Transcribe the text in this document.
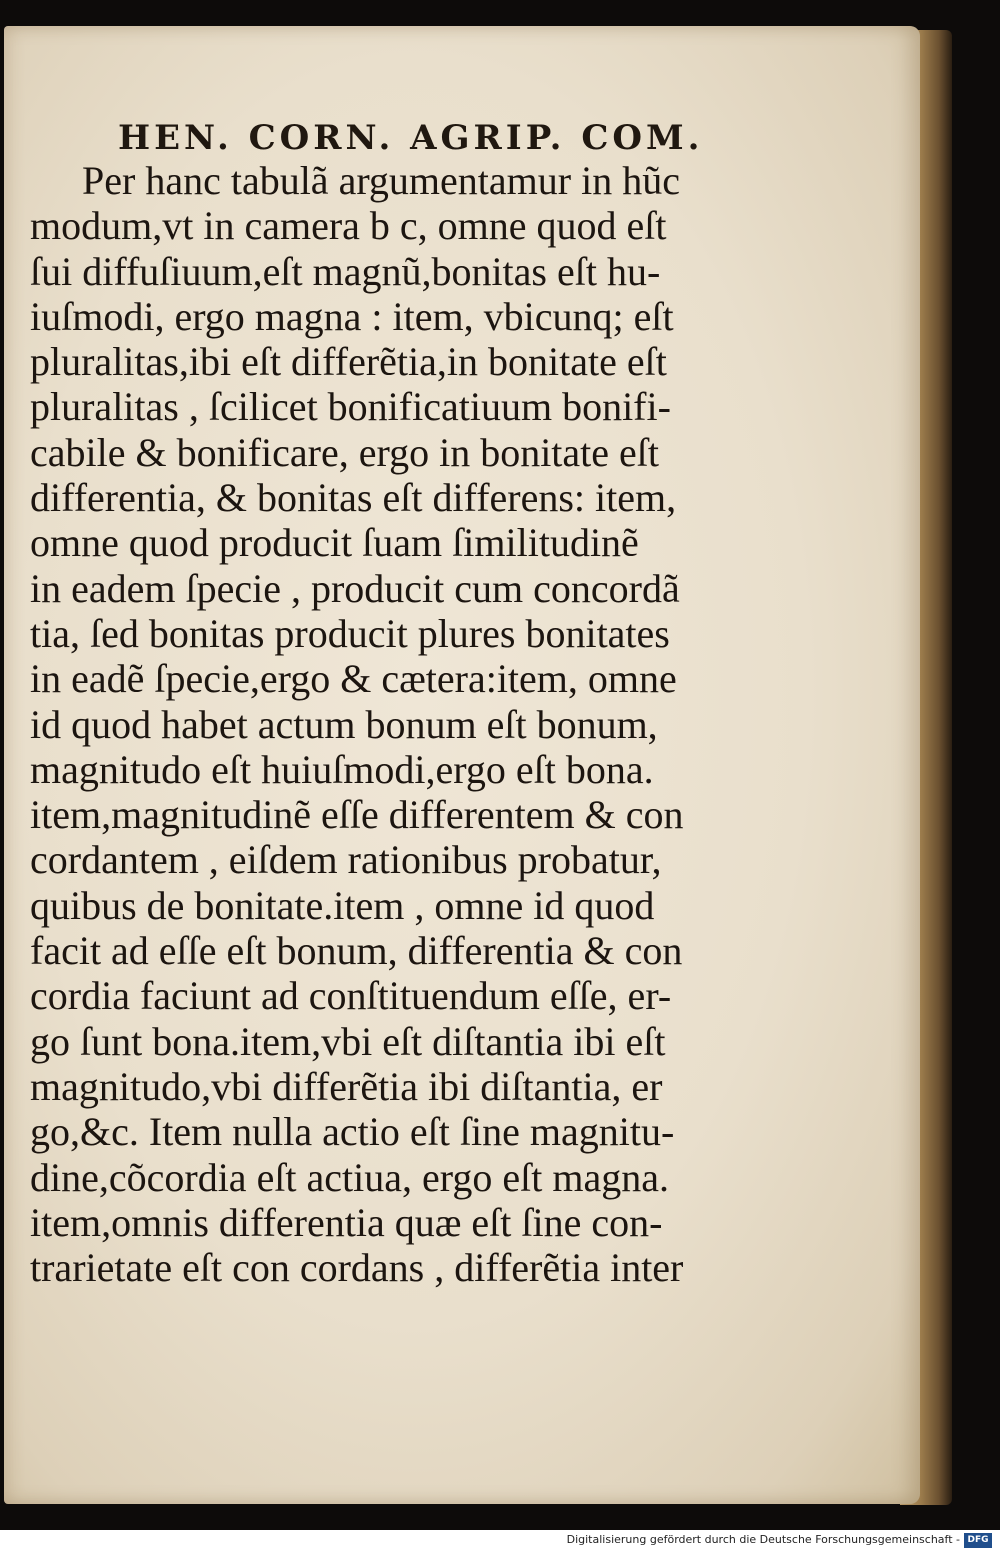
HEN. CORN. AGRIP. COM.
Per hanc tabulã argumentamur in hũc
modum,vt in camera b c, omne quod eſt
ſui diffuſiuum,eſt magnũ,bonitas eſt hu-
iuſmodi, ergo magna : item, vbicunq; eſt
pluralitas,ibi eſt differẽtia,in bonitate eſt
pluralitas , ſcilicet bonificatiuum bonifi-
cabile & bonificare, ergo in bonitate eſt
differentia, & bonitas eſt differens: item,
omne quod producit ſuam ſimilitudinẽ
in eadem ſpecie , producit cum concordã
tia, ſed bonitas producit plures bonitates
in eadẽ ſpecie,ergo & cætera:item, omne
id quod habet actum bonum eſt bonum,
magnitudo eſt huiuſmodi,ergo eſt bona.
item,magnitudinẽ eſſe differentem & con
cordantem , eiſdem rationibus probatur,
quibus de bonitate.item , omne id quod
facit ad eſſe eſt bonum, differentia & con
cordia faciunt ad conſtituendum eſſe, er-
go ſunt bona.item,vbi eſt diſtantia ibi eſt
magnitudo,vbi differẽtia ibi diſtantia, er
go,&c. Item nulla actio eſt ſine magnitu-
dine,cõcordia eſt actiua, ergo eſt magna.
item,omnis differentia quæ eſt ſine con-
trarietate eſt con cordans , differẽtia inter
Digitalisierung gefördert durch die Deutsche Forschungsgemeinschaft - DFG
